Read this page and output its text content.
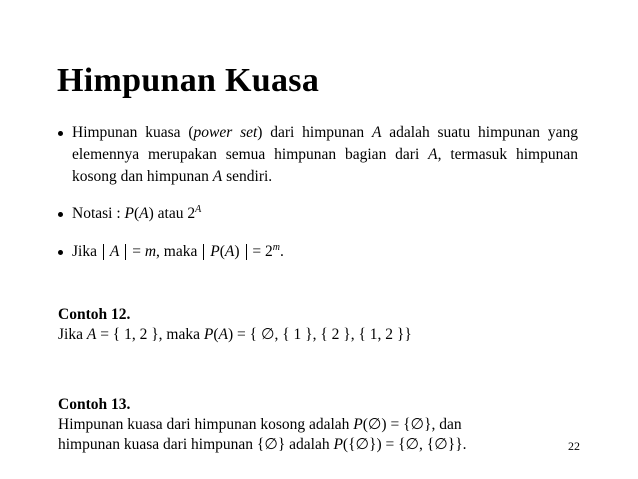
Himpunan Kuasa
Himpunan kuasa (power set) dari himpunan A adalah suatu himpunan yang elemennya merupakan semua himpunan bagian dari A, termasuk himpunan kosong dan himpunan A sendiri.
Notasi : P(A) atau $2^A$
Jika A = m, maka $P(A) = 2^m$.
Contoh 12.
Jika A = { 1, 2 }, maka P(A) = { ∅, { 1 }, { 2 }, { 1, 2 }}
Contoh 13.
Himpunan kuasa dari himpunan kosong adalah P(∅) = {∅}, dan
himpunan kuasa dari himpunan {∅} adalah P({∅}) = {∅, {∅}}.	22
